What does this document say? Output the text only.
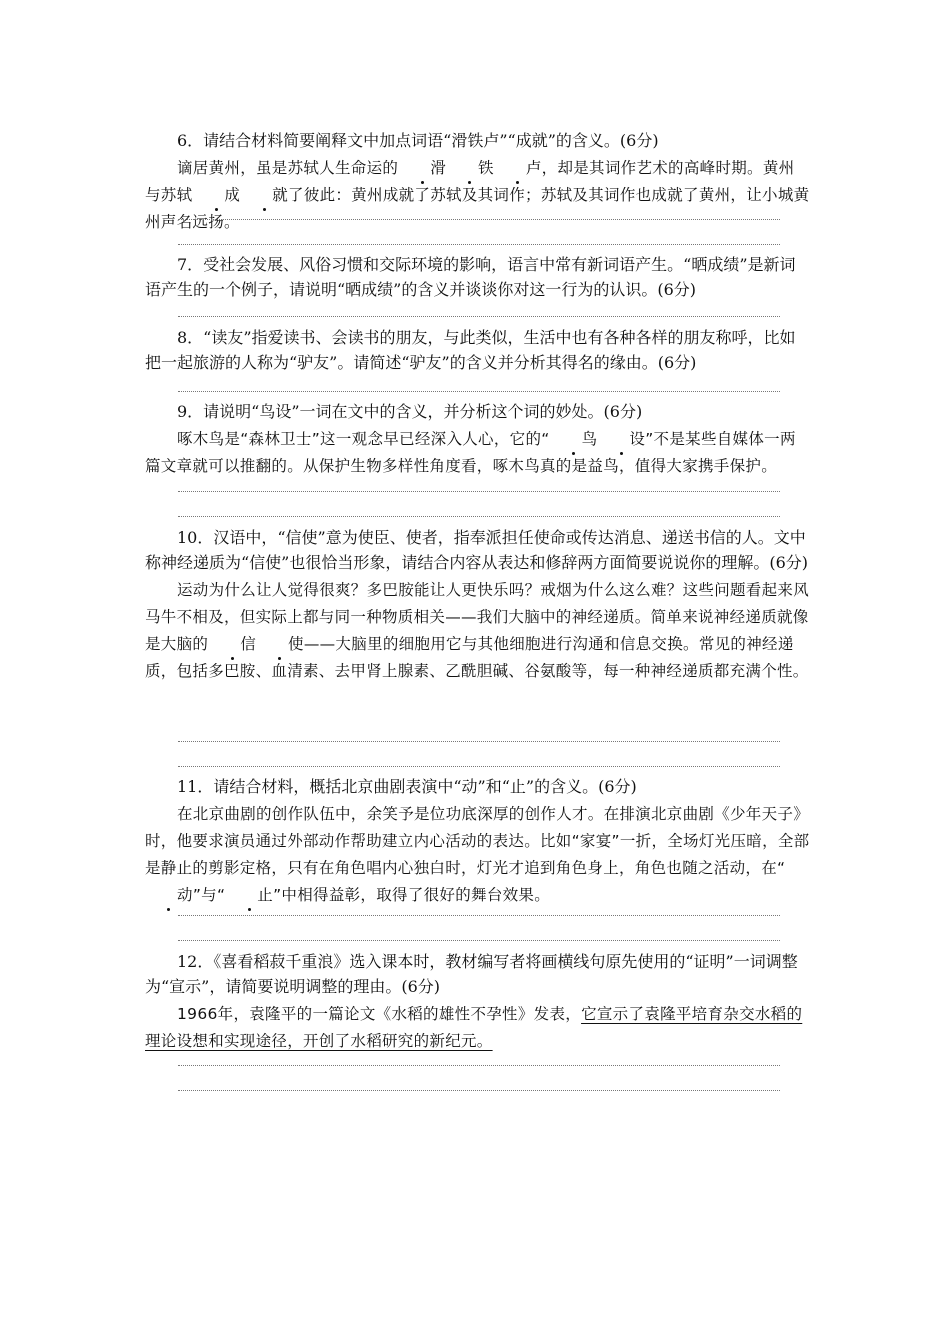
6．请结合材料简要阐释文中加点词语“滑铁卢”“成就”的含义。(6分)

谪居黄州，虽是苏轼人生命运的 滑 铁 卢，却是其词作艺术的高峰时期。黄州与苏轼 成 就了彼此：黄州成就了苏轼及其词作；苏轼及其词作也成就了黄州，让小城黄州声名远扬。

7．受社会发展、风俗习惯和交际环境的影响，语言中常有新词语产生。“晒成绩”是新词语产生的一个例子，请说明“晒成绩”的含义并谈谈你对这一行为的认识。(6分)

8．“读友”指爱读书、会读书的朋友，与此类似，生活中也有各种各样的朋友称呼，比如把一起旅游的人称为“驴友”。请简述“驴友”的含义并分析其得名的缘由。(6分)

9．请说明“鸟设”一词在文中的含义，并分析这个词的妙处。(6分)

啄木鸟是“森林卫士”这一观念早已经深入人心，它的“ 鸟 设”不是某些自媒体一两篇文章就可以推翻的。从保护生物多样性角度看，啄木鸟真的是益鸟，值得大家携手保护。

10．汉语中，“信使”意为使臣、使者，指奉派担任使命或传达消息、递送书信的人。文中称神经递质为“信使”也很恰当形象，请结合内容从表达和修辞两方面简要说说你的理解。(6分)

运动为什么让人觉得很爽？多巴胺能让人更快乐吗？戒烟为什么这么难？这些问题看起来风马牛不相及，但实际上都与同一种物质相关——我们大脑中的神经递质。简单来说神经递质就像是大脑的 信 使——大脑里的细胞用它与其他细胞进行沟通和信息交换。常见的神经递质，包括多巴胺、血清素、去甲肾上腺素、乙酰胆碱、谷氨酸等，每一种神经递质都充满个性。

11．请结合材料，概括北京曲剧表演中“动”和“止”的含义。(6分)

在北京曲剧的创作队伍中，余笑予是位功底深厚的创作人才。在排演北京曲剧《少年天子》时，他要求演员通过外部动作帮助建立内心活动的表达。比如“家宴”一折，全场灯光压暗，全部是静止的剪影定格，只有在角色唱内心独白时，灯光才追到角色身上，角色也随之活动，在“动”与“ 止”中相得益彰，取得了很好的舞台效果。

12．《喜看稻菽千重浪》选入课本时，教材编写者将画横线句原先使用的“证明”一词调整为“宣示”，请简要说明调整的理由。(6分)

1966年，袁隆平的一篇论文《水稻的雄性不孕性》发表，它宣示了袁隆平培育杂交水稻的理论设想和实现途径，开创了水稻研究的新纪元。
